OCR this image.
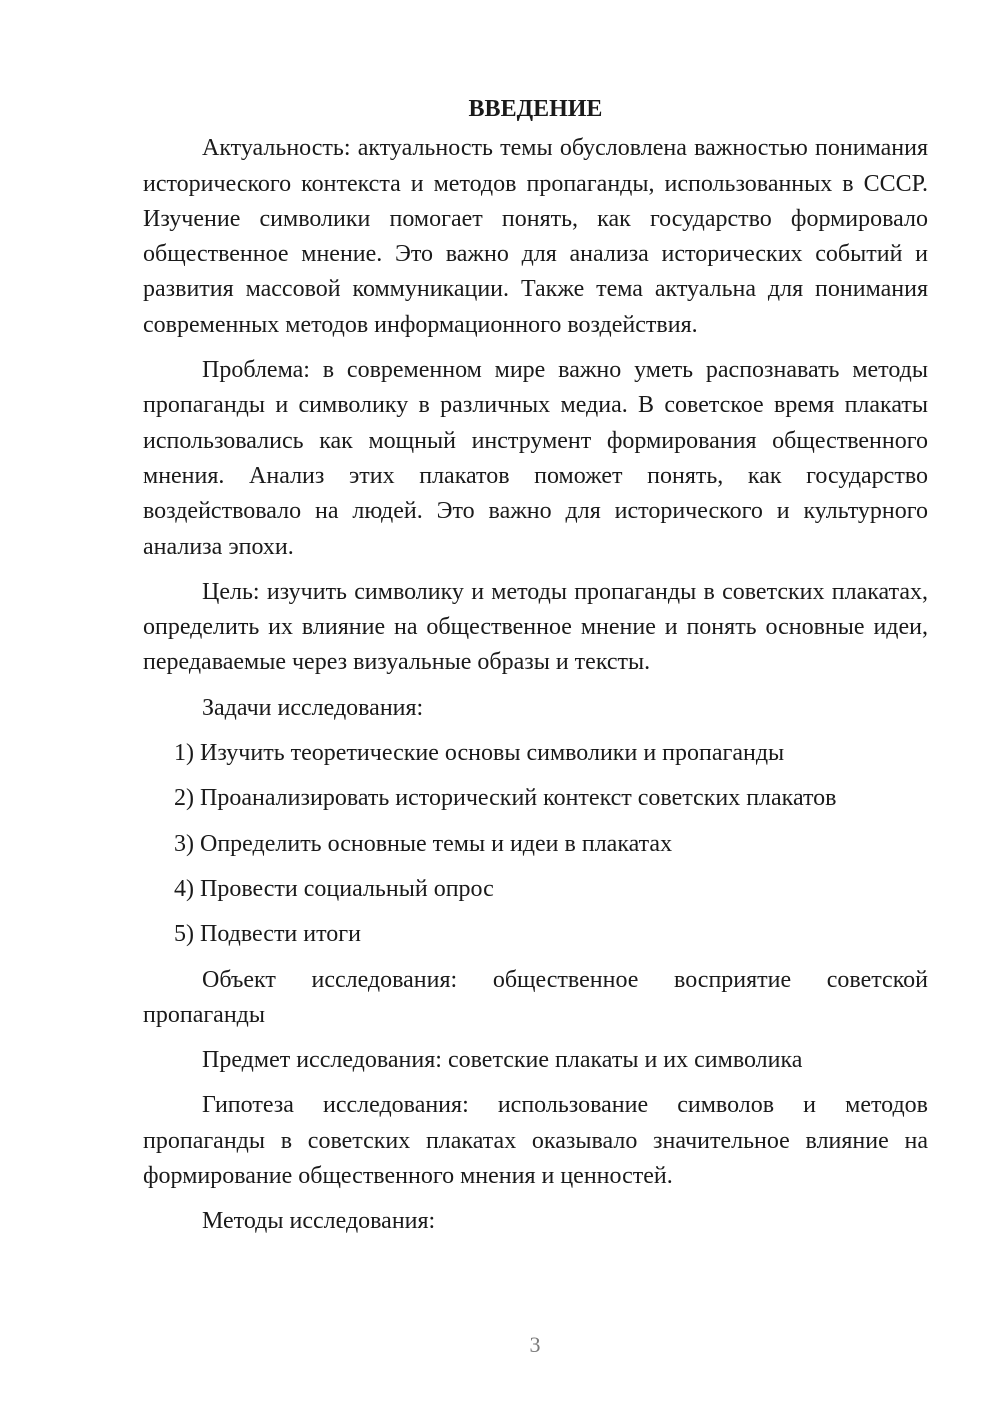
ВВЕДЕНИЕ

Актуальность: актуальность темы обусловлена важностью понимания исторического контекста и методов пропаганды, использованных в СССР. Изучение символики помогает понять, как государство формировало общественное мнение. Это важно для анализа исторических событий и развития массовой коммуникации. Также тема актуальна для понимания современных методов информационного воздействия.

Проблема: в современном мире важно уметь распознавать методы пропаганды и символику в различных медиа. В советское время плакаты использовались как мощный инструмент формирования общественного мнения. Анализ этих плакатов поможет понять, как государство воздействовало на людей. Это важно для исторического и культурного анализа эпохи.

Цель: изучить символику и методы пропаганды в советских плакатах, определить их влияние на общественное мнение и понять основные идеи, передаваемые через визуальные образы и тексты.

Задачи исследования:

1) Изучить теоретические основы символики и пропаганды
2) Проанализировать исторический контекст советских плакатов
3) Определить основные темы и идеи в плакатах
4) Провести социальный опрос
5) Подвести итоги

Объект исследования: общественное восприятие советской пропаганды

Предмет исследования: советские плакаты и их символика

Гипотеза исследования: использование символов и методов пропаганды в советских плакатах оказывало значительное влияние на формирование общественного мнения и ценностей.

Методы исследования:

3
